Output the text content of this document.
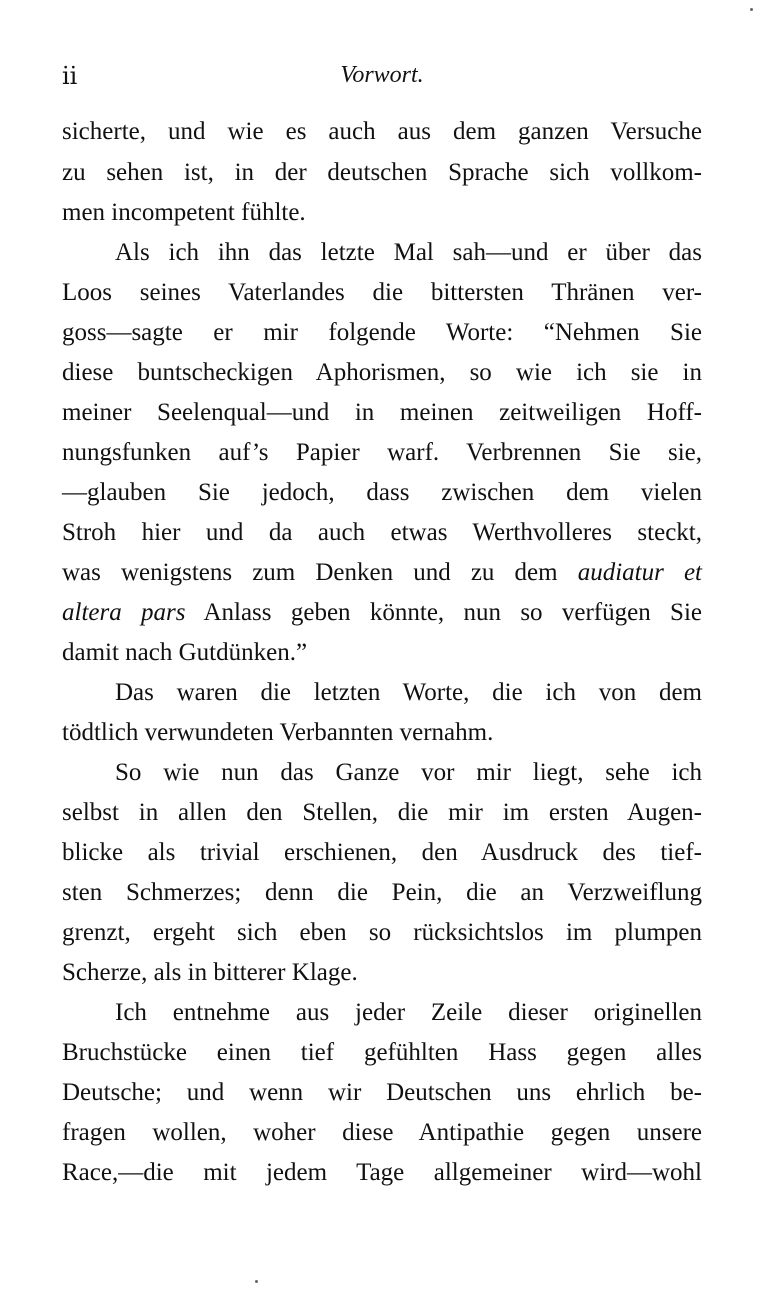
ii	Vorwort.
sicherte, und wie es auch aus dem ganzen Versuche
zu sehen ist, in der deutschen Sprache sich vollkom-
men incompetent fühlte.
Als ich ihn das letzte Mal sah—und er über das
Loos seines Vaterlandes die bittersten Thränen ver-
goss—sagte er mir folgende Worte: “Nehmen Sie
diese buntscheckigen Aphorismen, so wie ich sie in
meiner Seelenqual—und in meinen zeitweiligen Hoff-
nungsfunken auf’s Papier warf. Verbrennen Sie sie,
—glauben Sie jedoch, dass zwischen dem vielen
Stroh hier und da auch etwas Werthvolleres steckt,
was wenigstens zum Denken und zu dem audiatur et
altera pars Anlass geben könnte, nun so verfügen Sie
damit nach Gutdünken.”
Das waren die letzten Worte, die ich von dem
tödtlich verwundeten Verbannten vernahm.
So wie nun das Ganze vor mir liegt, sehe ich
selbst in allen den Stellen, die mir im ersten Augen-
blicke als trivial erschienen, den Ausdruck des tief-
sten Schmerzes; denn die Pein, die an Verzweiflung
grenzt, ergeht sich eben so rücksichtslos im plumpen
Scherze, als in bitterer Klage.
Ich entnehme aus jeder Zeile dieser originellen
Bruchstücke einen tief gefühlten Hass gegen alles
Deutsche; und wenn wir Deutschen uns ehrlich be-
fragen wollen, woher diese Antipathie gegen unsere
Race,—die mit jedem Tage allgemeiner wird—wohl
